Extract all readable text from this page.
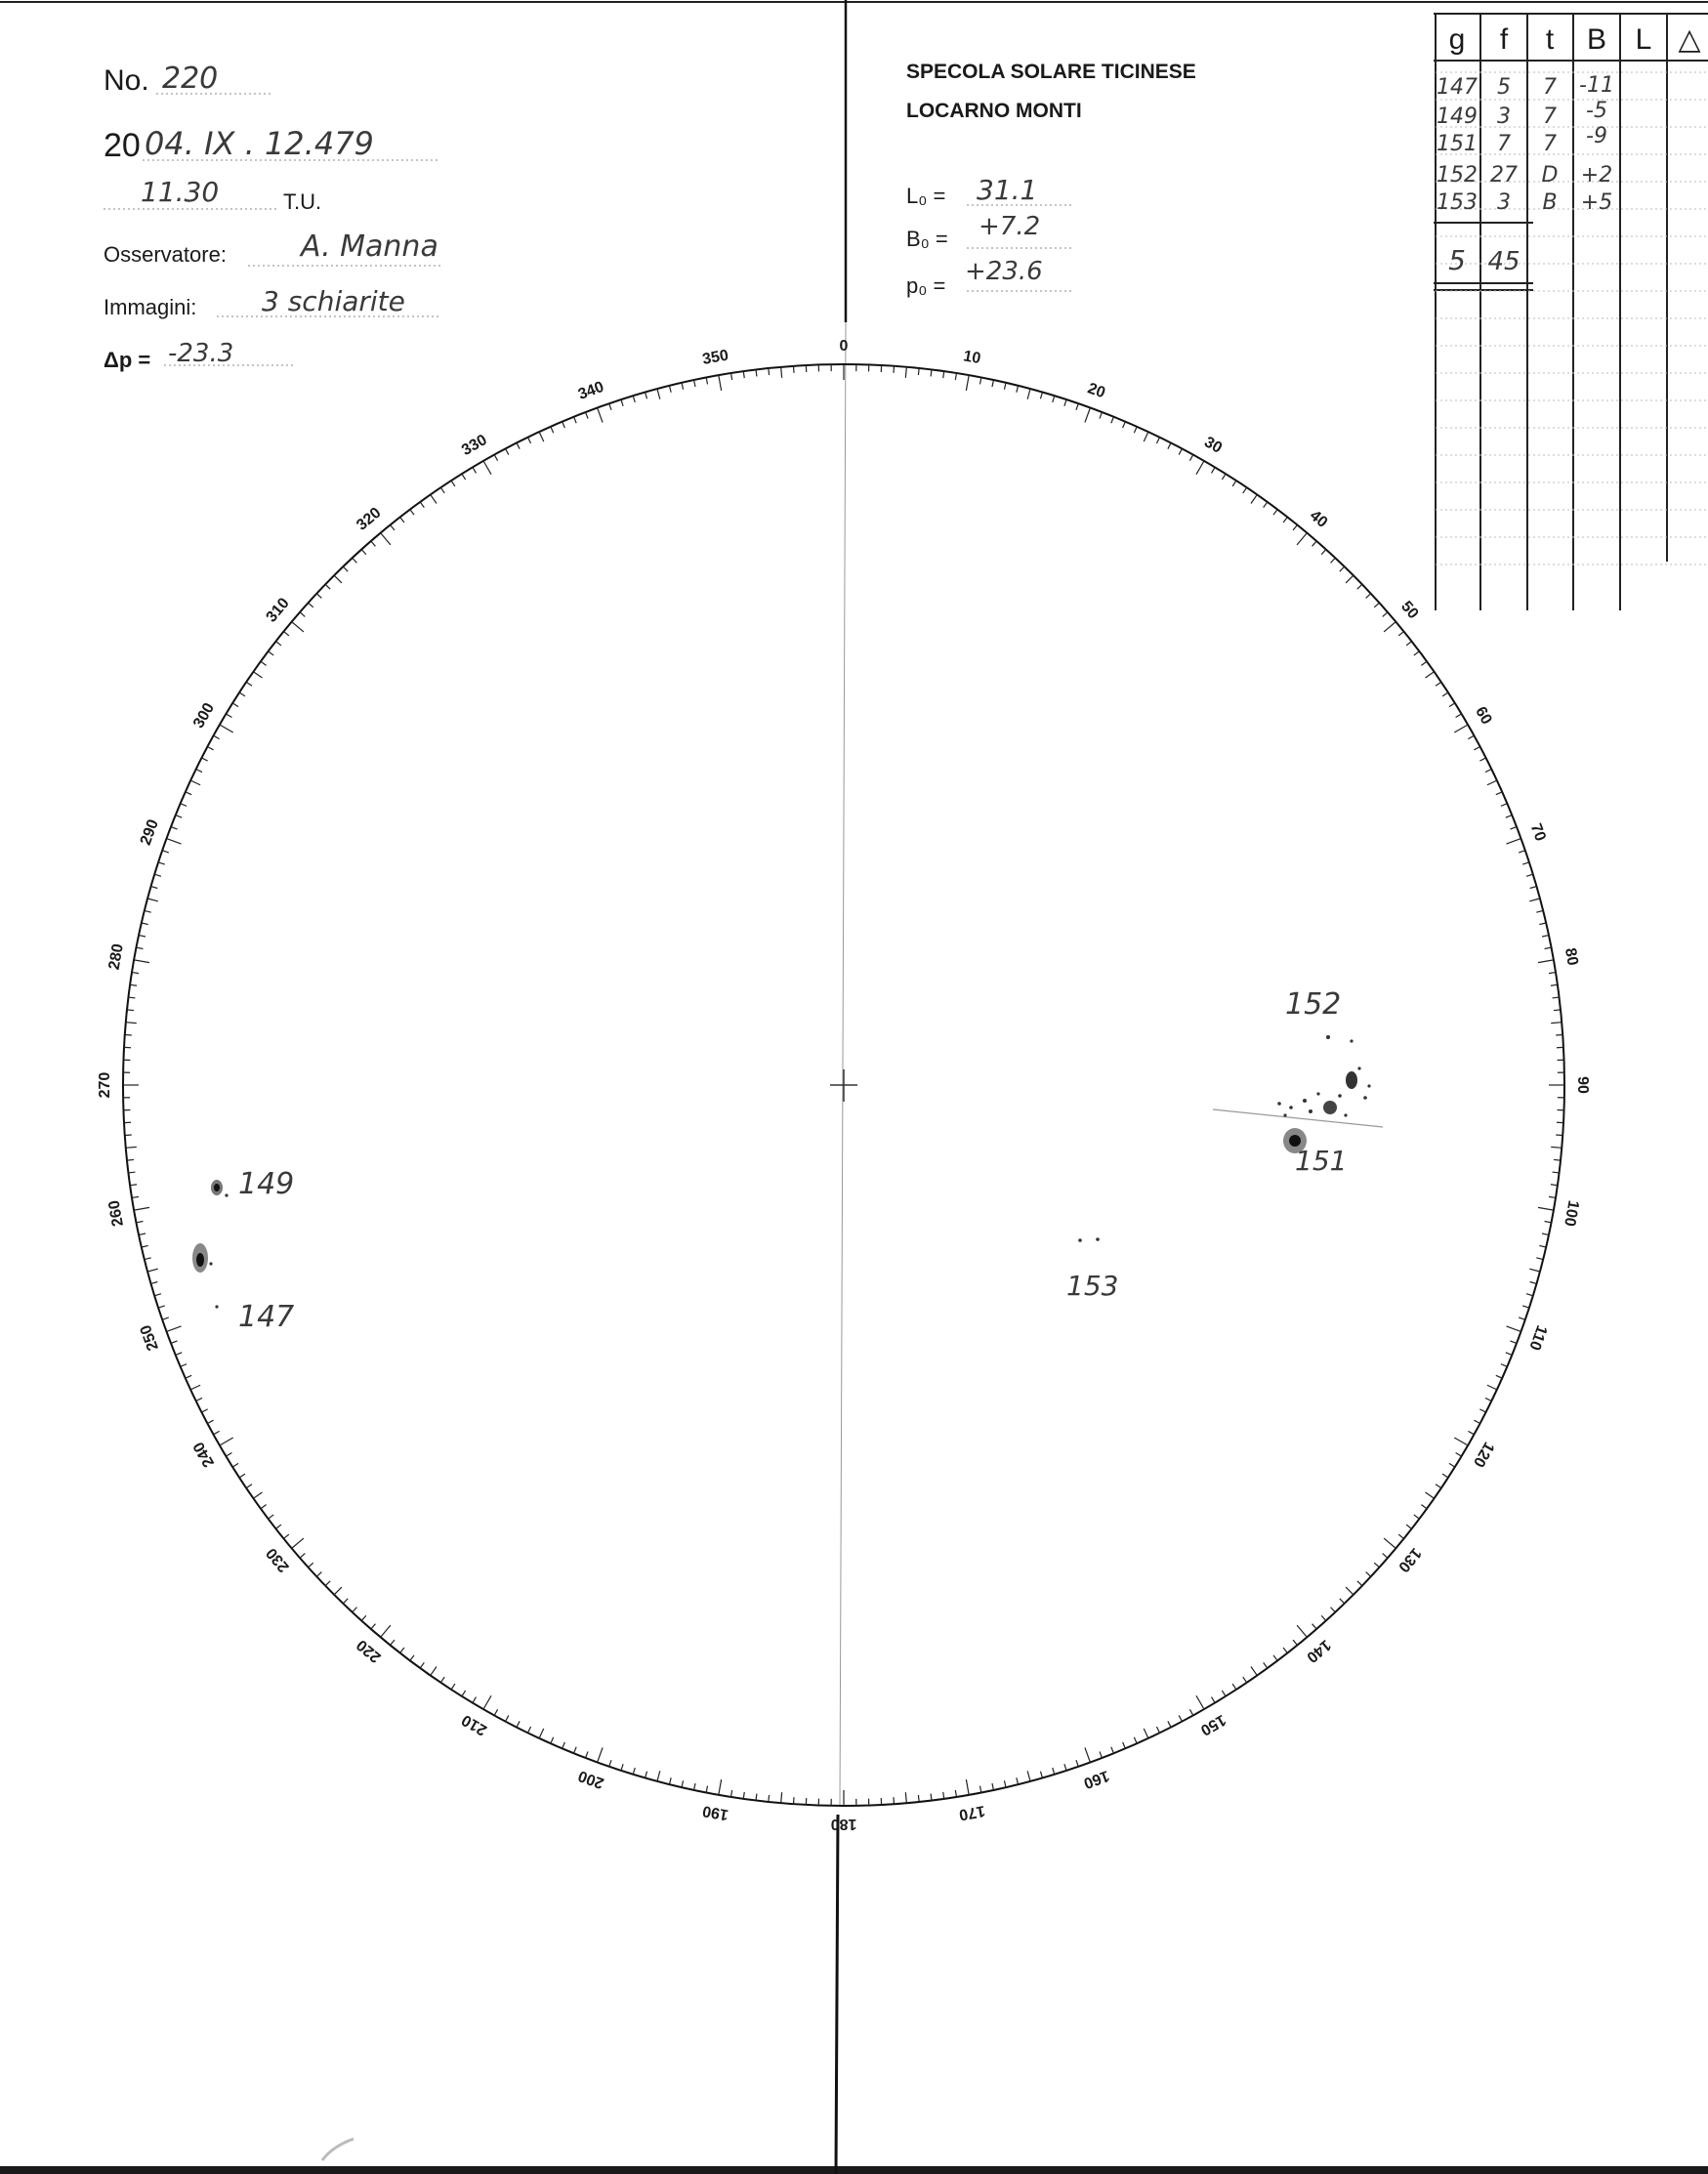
No. 220
20 04. IX . 12.479
11.30	T.U.
Osservatore:	A. Manna
Immagini: 3 schiarite
Δp = -23.3
SPECOLA SOLARE TICINESE
LOCARNO MONTI
L₀ = 31.1
B₀ = +7.2
p₀ = +23.6
g f t B L △
147 5 7 -11
149 3 7 -5
151 7 7 -9
152 27 D +2
153 3 B +5
5 45
0
10
20
30
40
50
60
70
80
90
100
110
120
130
140
150
160
170
180
190
200
210
220
230
240
250
260
270
280
290
300
310
320
330
340
350
152
151
153
149
147
